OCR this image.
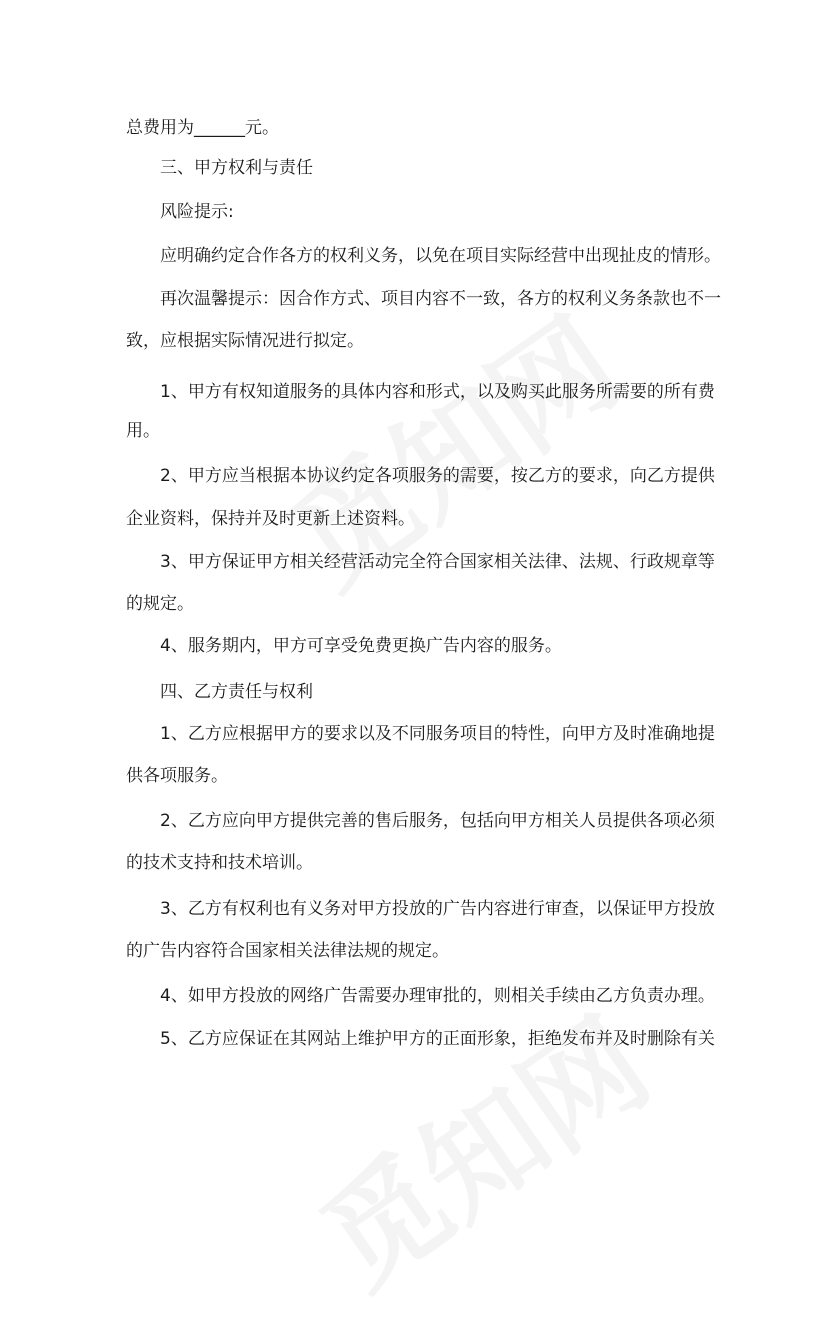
总费用为______元。
三、甲方权利与责任
风险提示:
应明确约定合作各方的权利义务，以免在项目实际经营中出现扯皮的情形。
再次温馨提示：因合作方式、项目内容不一致，各方的权利义务条款也不一
致，应根据实际情况进行拟定。
1、甲方有权知道服务的具体内容和形式，以及购买此服务所需要的所有费
用。
2、甲方应当根据本协议约定各项服务的需要，按乙方的要求，向乙方提供
企业资料，保持并及时更新上述资料。
3、甲方保证甲方相关经营活动完全符合国家相关法律、法规、行政规章等
的规定。
4、服务期内，甲方可享受免费更换广告内容的服务。
四、乙方责任与权利
1、乙方应根据甲方的要求以及不同服务项目的特性，向甲方及时准确地提
供各项服务。
2、乙方应向甲方提供完善的售后服务，包括向甲方相关人员提供各项必须
的技术支持和技术培训。
3、乙方有权利也有义务对甲方投放的广告内容进行审查，以保证甲方投放
的广告内容符合国家相关法律法规的规定。
4、如甲方投放的网络广告需要办理审批的，则相关手续由乙方负责办理。
5、乙方应保证在其网站上维护甲方的正面形象，拒绝发布并及时删除有关
